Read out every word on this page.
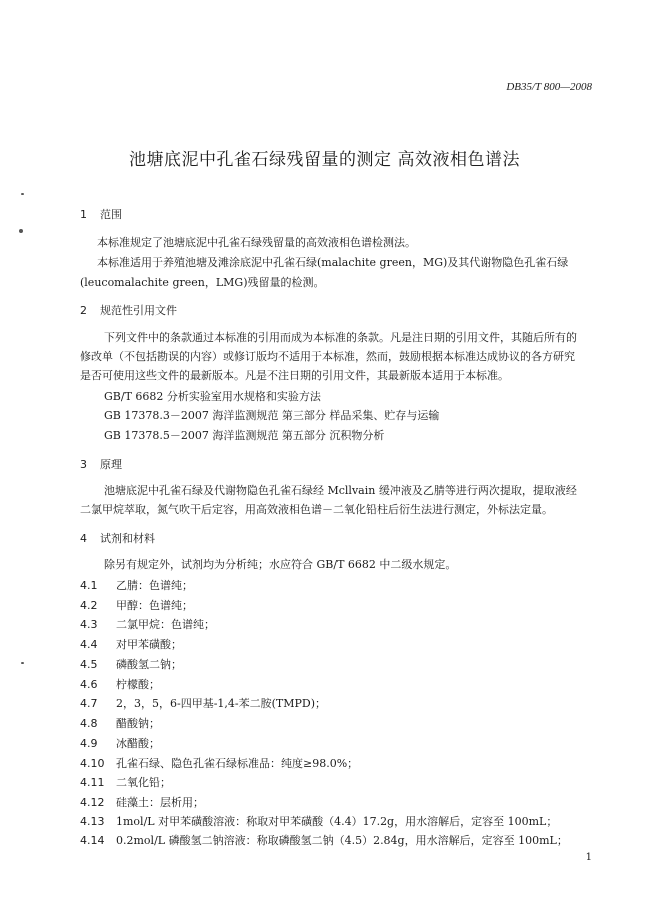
DB35/T 800—2008
池塘底泥中孔雀石绿残留量的测定 高效液相色谱法
1 范围
本标准规定了池塘底泥中孔雀石绿残留量的高效液相色谱检测法。
本标准适用于养殖池塘及滩涂底泥中孔雀石绿(malachite green，MG)及其代谢物隐色孔雀石绿
(leucomalachite green，LMG)残留量的检测。
2 规范性引用文件
下列文件中的条款通过本标准的引用而成为本标准的条款。凡是注日期的引用文件，其随后所有的
修改单（不包括勘误的内容）或修订版均不适用于本标准，然而，鼓励根据本标准达成协议的各方研究
是否可使用这些文件的最新版本。凡是不注日期的引用文件，其最新版本适用于本标准。
GB/T 6682 分析实验室用水规格和实验方法
GB 17378.3－2007 海洋监测规范 第三部分 样品采集、贮存与运输
GB 17378.5－2007 海洋监测规范 第五部分 沉积物分析
3 原理
池塘底泥中孔雀石绿及代谢物隐色孔雀石绿经 Mcllvain 缓冲液及乙腈等进行两次提取，提取液经
二氯甲烷萃取，氮气吹干后定容，用高效液相色谱－二氧化铅柱后衍生法进行测定，外标法定量。
4 试剂和材料
除另有规定外，试剂均为分析纯；水应符合 GB/T 6682 中二级水规定。
4.1 乙腈：色谱纯；
4.2 甲醇：色谱纯；
4.3 二氯甲烷：色谱纯；
4.4 对甲苯磺酸；
4.5 磷酸氢二钠；
4.6 柠檬酸；
4.7 2，3，5，6-四甲基-1,4-苯二胺(TMPD)；
4.8 醋酸钠；
4.9 冰醋酸；
4.10 孔雀石绿、隐色孔雀石绿标准品：纯度≥98.0%；
4.11 二氧化铅；
4.12 硅藻土：层析用；
4.13 1mol/L 对甲苯磺酸溶液：称取对甲苯磺酸（4.4）17.2g，用水溶解后，定容至 100mL；
4.14 0.2mol/L 磷酸氢二钠溶液：称取磷酸氢二钠（4.5）2.84g，用水溶解后，定容至 100mL；
1
